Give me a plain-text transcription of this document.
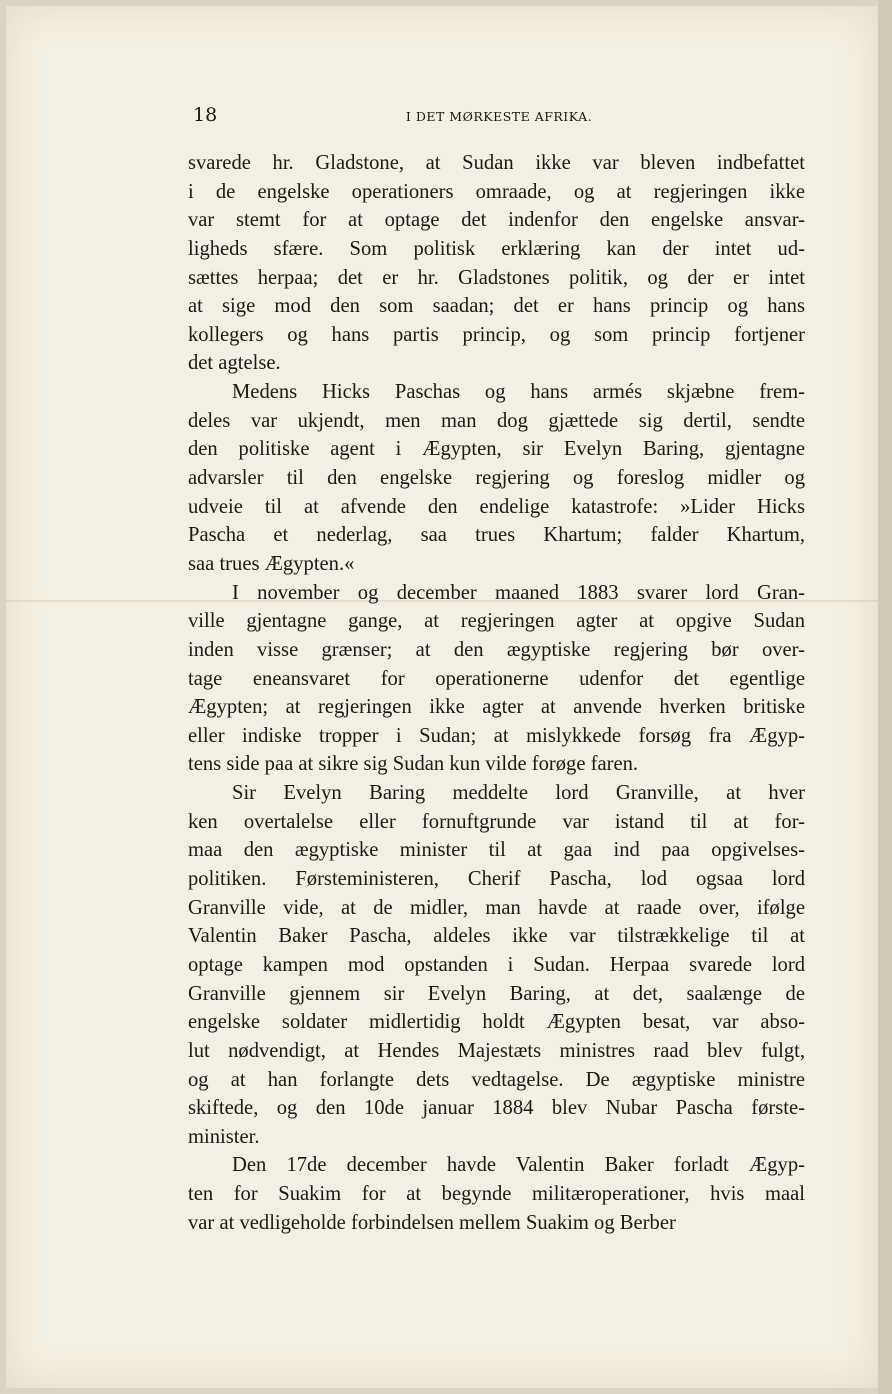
18	I DET MØRKESTE AFRIKA.
svarede hr. Gladstone, at Sudan ikke var bleven indbefattet
i de engelske operationers omraade, og at regjeringen ikke
var stemt for at optage det indenfor den engelske ansvar-
ligheds sfære. Som politisk erklæring kan der intet ud-
sættes herpaa; det er hr. Gladstones politik, og der er intet
at sige mod den som saadan; det er hans princip og hans
kollegers og hans partis princip, og som princip fortjener
det agtelse.
Medens Hicks Paschas og hans armés skjæbne frem-
deles var ukjendt, men man dog gjættede sig dertil, sendte
den politiske agent i Ægypten, sir Evelyn Baring, gjentagne
advarsler til den engelske regjering og foreslog midler og
udveie til at afvende den endelige katastrofe: »Lider Hicks
Pascha et nederlag, saa trues Khartum; falder Khartum,
saa trues Ægypten.«
I november og december maaned 1883 svarer lord Gran-
ville gjentagne gange, at regjeringen agter at opgive Sudan
inden visse grænser; at den ægyptiske regjering bør over-
tage eneansvaret for operationerne udenfor det egentlige
Ægypten; at regjeringen ikke agter at anvende hverken britiske
eller indiske tropper i Sudan; at mislykkede forsøg fra Ægyp-
tens side paa at sikre sig Sudan kun vilde forøge faren.
Sir Evelyn Baring meddelte lord Granville, at hver
ken overtalelse eller fornuftgrunde var istand til at for-
maa den ægyptiske minister til at gaa ind paa opgivelses-
politiken. Førsteministeren, Cherif Pascha, lod ogsaa lord
Granville vide, at de midler, man havde at raade over, ifølge
Valentin Baker Pascha, aldeles ikke var tilstrækkelige til at
optage kampen mod opstanden i Sudan. Herpaa svarede lord
Granville gjennem sir Evelyn Baring, at det, saalænge de
engelske soldater midlertidig holdt Ægypten besat, var abso-
lut nødvendigt, at Hendes Majestæts ministres raad blev fulgt,
og at han forlangte dets vedtagelse. De ægyptiske ministre
skiftede, og den 10de januar 1884 blev Nubar Pascha første-
minister.
Den 17de december havde Valentin Baker forladt Ægyp-
ten for Suakim for at begynde militæroperationer, hvis maal
var at vedligeholde forbindelsen mellem Suakim og Berber
